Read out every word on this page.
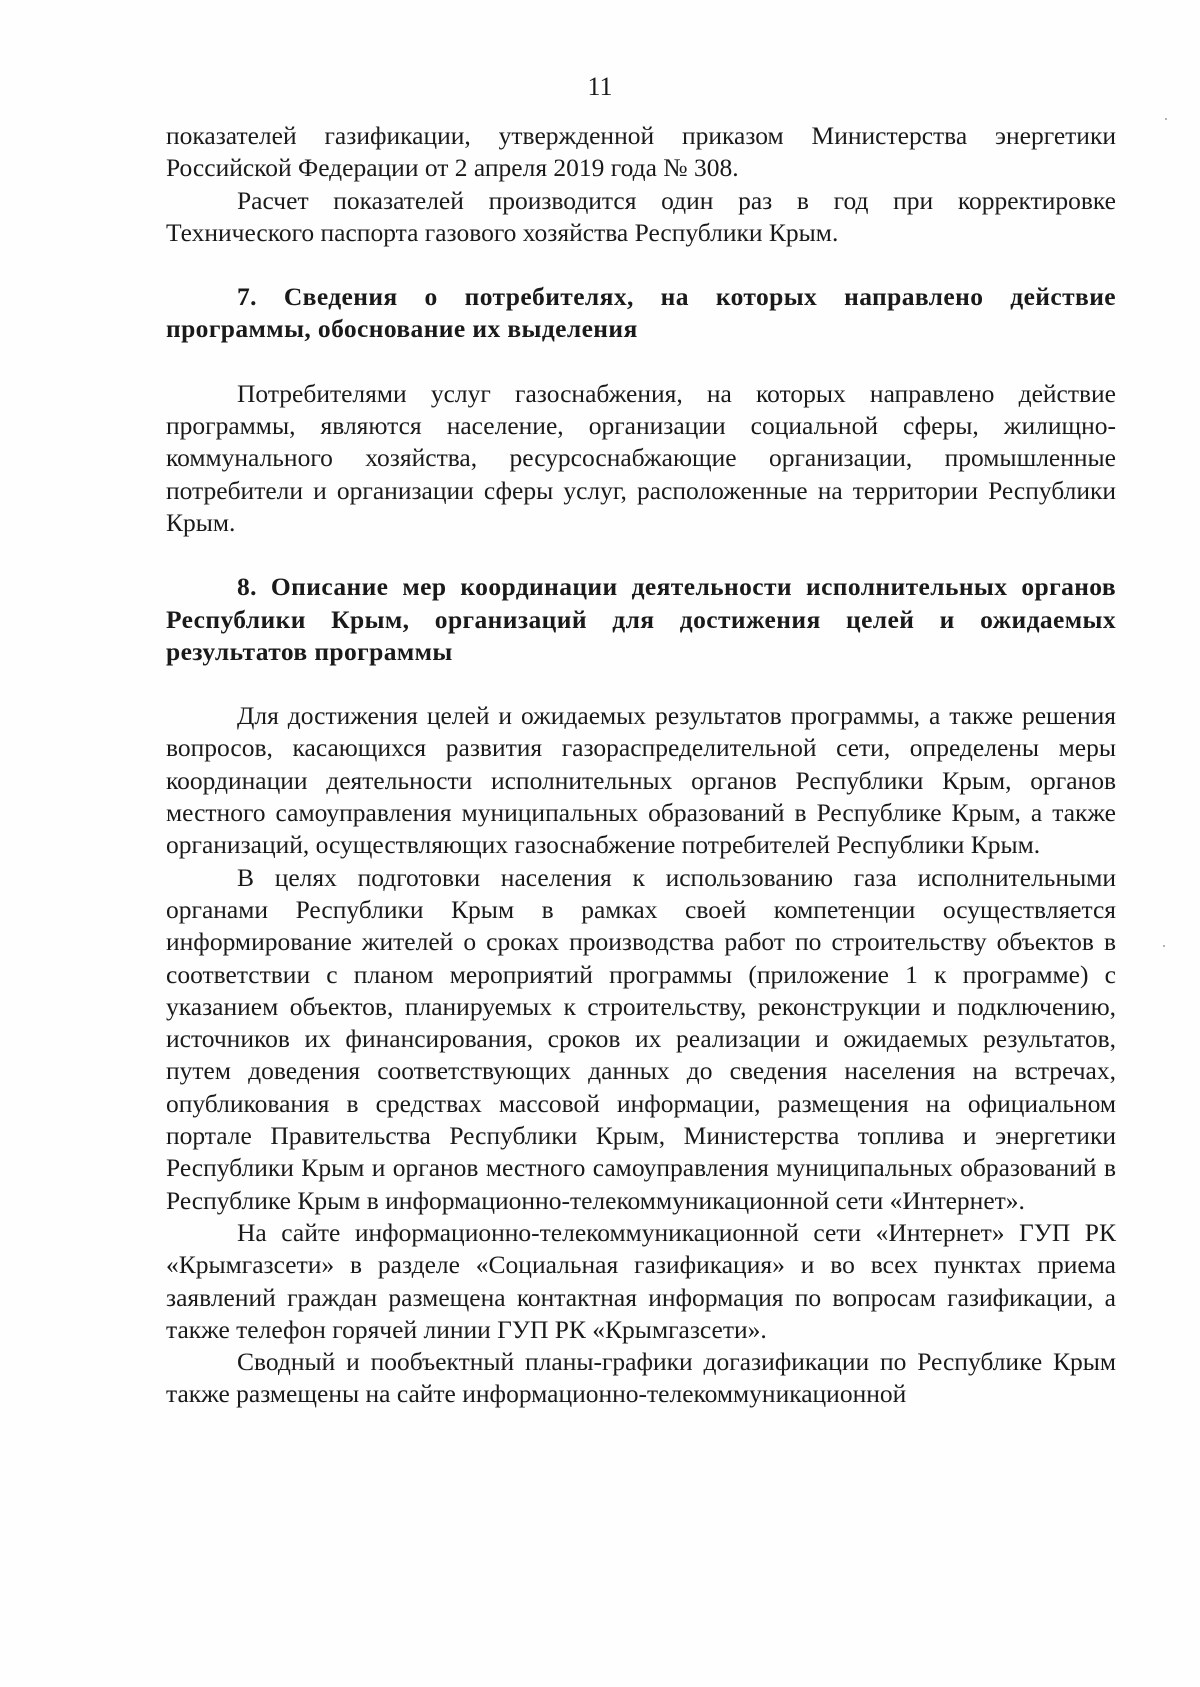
11

показателей газификации, утвержденной приказом Министерства энергетики Российской Федерации от 2 апреля 2019 года № 308.

Расчет показателей производится один раз в год при корректировке Технического паспорта газового хозяйства Республики Крым.

7. Сведения о потребителях, на которых направлено действие программы, обоснование их выделения

Потребителями услуг газоснабжения, на которых направлено действие программы, являются население, организации социальной сферы, жилищно-коммунального хозяйства, ресурсоснабжающие организации, промышленные потребители и организации сферы услуг, расположенные на территории Республики Крым.

8. Описание мер координации деятельности исполнительных органов Республики Крым, организаций для достижения целей и ожидаемых результатов программы

Для достижения целей и ожидаемых результатов программы, а также решения вопросов, касающихся развития газораспределительной сети, определены меры координации деятельности исполнительных органов Республики Крым, органов местного самоуправления муниципальных образований в Республике Крым, а также организаций, осуществляющих газоснабжение потребителей Республики Крым.

В целях подготовки населения к использованию газа исполнительными органами Республики Крым в рамках своей компетенции осуществляется информирование жителей о сроках производства работ по строительству объектов в соответствии с планом мероприятий программы (приложение 1 к программе) с указанием объектов, планируемых к строительству, реконструкции и подключению, источников их финансирования, сроков их реализации и ожидаемых результатов, путем доведения соответствующих данных до сведения населения на встречах, опубликования в средствах массовой информации, размещения на официальном портале Правительства Республики Крым, Министерства топлива и энергетики Республики Крым и органов местного самоуправления муниципальных образований в Республике Крым в информационно-телекоммуникационной сети «Интернет».

На сайте информационно-телекоммуникационной сети «Интернет» ГУП РК «Крымгазсети» в разделе «Социальная газификация» и во всех пунктах приема заявлений граждан размещена контактная информация по вопросам газификации, а также телефон горячей линии ГУП РК «Крымгазсети».

Сводный и пообъектный планы-графики догазификации по Республике Крым также размещены на сайте информационно-телекоммуникационной
